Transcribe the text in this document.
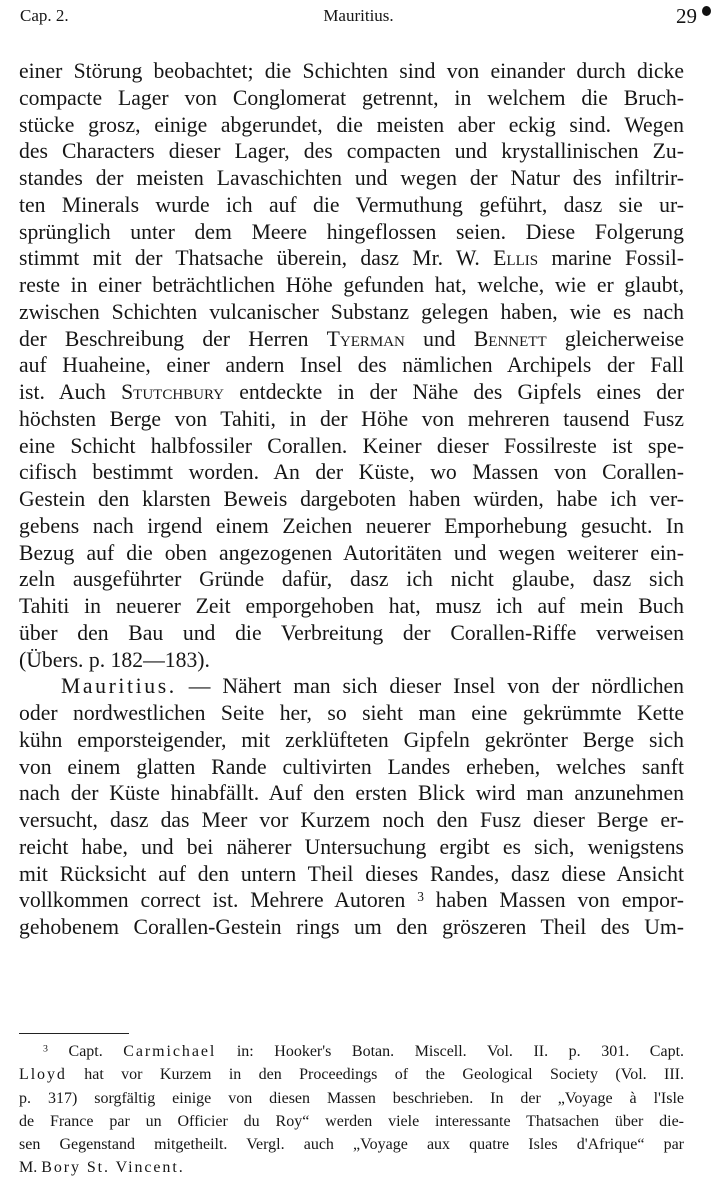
Cap. 2.	Mauritius.	29
einer Störung beobachtet; die Schichten sind von einander durch dicke
compacte Lager von Conglomerat getrennt, in welchem die Bruch-
stücke grosz, einige abgerundet, die meisten aber eckig sind. Wegen
des Characters dieser Lager, des compacten und krystallinischen Zu-
standes der meisten Lavaschichten und wegen der Natur des infiltrir-
ten Minerals wurde ich auf die Vermuthung geführt, dasz sie ur-
sprünglich unter dem Meere hingeflossen seien. Diese Folgerung
stimmt mit der Thatsache überein, dasz Mr. W. Ellis marine Fossil-
reste in einer beträchtlichen Höhe gefunden hat, welche, wie er glaubt,
zwischen Schichten vulcanischer Substanz gelegen haben, wie es nach
der Beschreibung der Herren Tyerman und Bennett gleicherweise
auf Huaheine, einer andern Insel des nämlichen Archipels der Fall
ist. Auch Stutchbury entdeckte in der Nähe des Gipfels eines der
höchsten Berge von Tahiti, in der Höhe von mehreren tausend Fusz
eine Schicht halbfossiler Corallen. Keiner dieser Fossilreste ist spe-
cifisch bestimmt worden. An der Küste, wo Massen von Corallen-
Gestein den klarsten Beweis dargeboten haben würden, habe ich ver-
gebens nach irgend einem Zeichen neuerer Emporhebung gesucht. In
Bezug auf die oben angezogenen Autoritäten und wegen weiterer ein-
zeln ausgeführter Gründe dafür, dasz ich nicht glaube, dasz sich
Tahiti in neuerer Zeit emporgehoben hat, musz ich auf mein Buch
über den Bau und die Verbreitung der Corallen-Riffe verweisen
(Übers. p. 182—183).
Mauritius. — Nähert man sich dieser Insel von der nördlichen
oder nordwestlichen Seite her, so sieht man eine gekrümmte Kette
kühn emporsteigender, mit zerklüfteten Gipfeln gekrönter Berge sich
von einem glatten Rande cultivirten Landes erheben, welches sanft
nach der Küste hinabfällt. Auf den ersten Blick wird man anzunehmen
versucht, dasz das Meer vor Kurzem noch den Fusz dieser Berge er-
reicht habe, und bei näherer Untersuchung ergibt es sich, wenigstens
mit Rücksicht auf den untern Theil dieses Randes, dasz diese Ansicht
vollkommen correct ist. Mehrere Autoren $^3$ haben Massen von empor-
gehobenem Corallen-Gestein rings um den gröszeren Theil des Um-
$^3$ Capt. Carmichael in: Hooker's Botan. Miscell. Vol. II. p. 301. Capt.
Lloyd hat vor Kurzem in den Proceedings of the Geological Society (Vol. III.
p. 317) sorgfältig einige von diesen Massen beschrieben. In der „Voyage à l'Isle
de France par un Officier du Roy“ werden viele interessante Thatsachen über die-
sen Gegenstand mitgetheilt. Vergl. auch „Voyage aux quatre Isles d'Afrique“ par
M. Bory St. Vincent.
